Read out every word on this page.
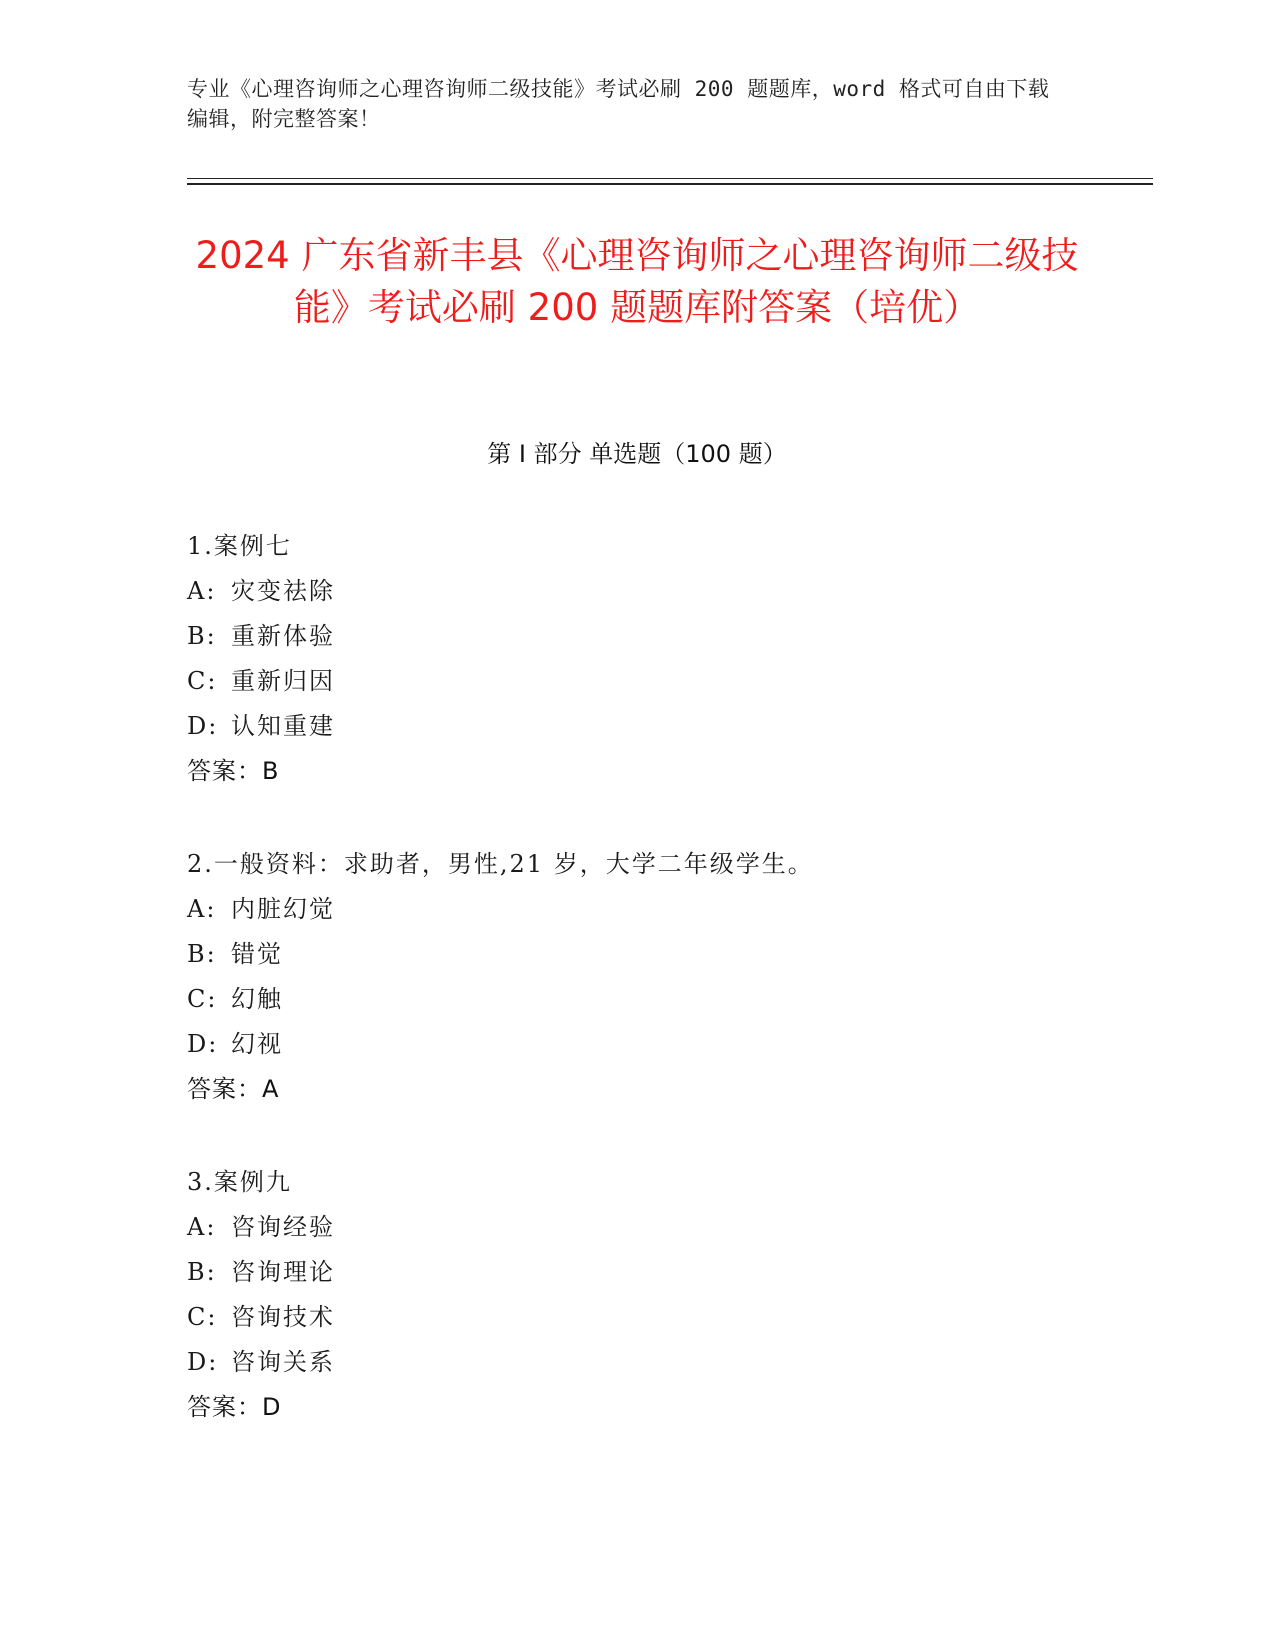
专业《心理咨询师之心理咨询师二级技能》考试必刷 200 题题库，word 格式可自由下载编辑，附完整答案！
2024 广东省新丰县《心理咨询师之心理咨询师二级技能》考试必刷 200 题题库附答案（培优）
第 I 部分 单选题（100 题）
1.案例七
A: 灾变祛除
B: 重新体验
C: 重新归因
D: 认知重建
答案：B
2.一般资料：求助者，男性,21 岁，大学二年级学生。
A: 内脏幻觉
B: 错觉
C: 幻触
D: 幻视
答案：A
3.案例九
A: 咨询经验
B: 咨询理论
C: 咨询技术
D: 咨询关系
答案：D
